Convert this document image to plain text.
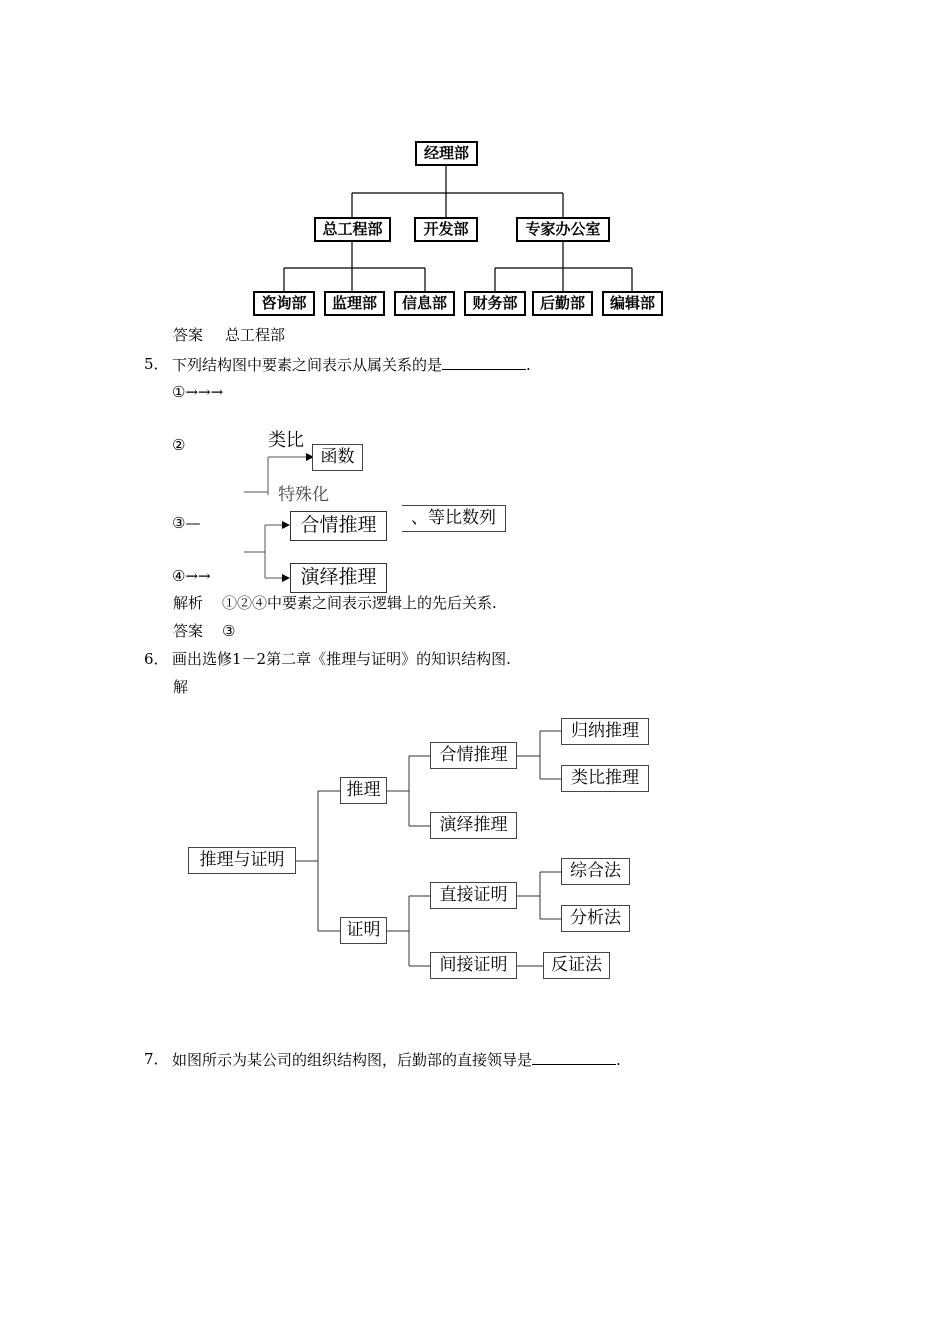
经理部
总工程部	开发部	专家办公室
咨询部	监理部	信息部	财务部	后勤部	编辑部
答案 总工程部
5． 下列结构图中要素之间表示从属关系的是	.
①→→→
②
③—
④→→
类比
函数
特殊化
合情推理	、等比数列
演绎推理
解析 ①②④中要素之间表示逻辑上的先后关系.
答案 ③
6． 画出选修1－2第二章《推理与证明》的知识结构图.
解
推理与证明
推理
证明
合情推理
演绎推理
归纳推理
类比推理
直接证明
间接证明
综合法
分析法
反证法
7． 如图所示为某公司的组织结构图，后勤部的直接领导是	.
